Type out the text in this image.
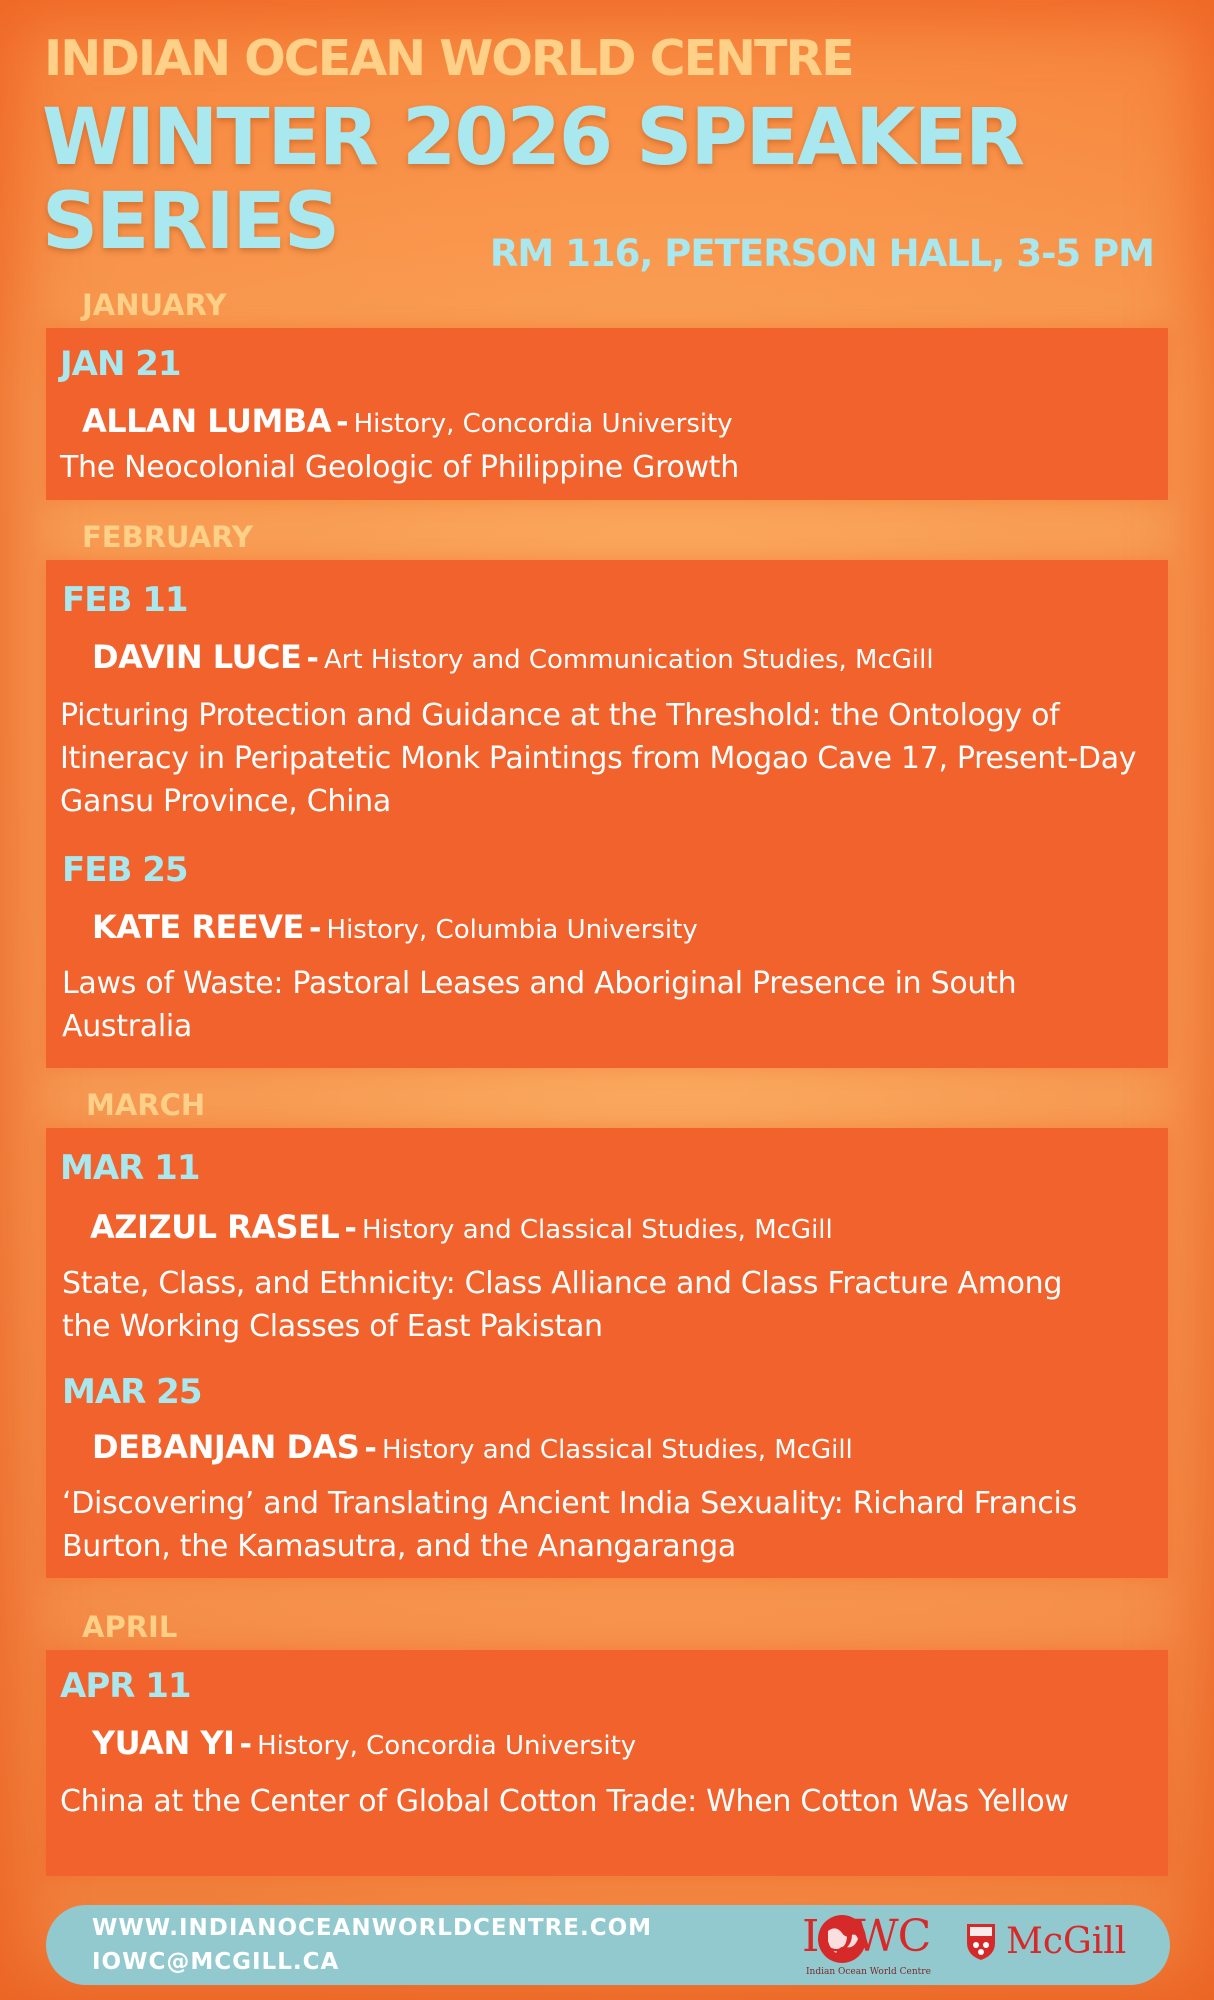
INDIAN OCEAN WORLD CENTRE
WINTER 2026 SPEAKER SERIES	RM 116, PETERSON HALL, 3-5 PM
JANUARY
JAN 21
ALLAN LUMBA - History, Concordia University
The Neocolonial Geologic of Philippine Growth
FEBRUARY
FEB 11
DAVIN LUCE - Art History and Communication Studies, McGill
Picturing Protection and Guidance at the Threshold: the Ontology of Itineracy in Peripatetic Monk Paintings from Mogao Cave 17, Present-Day Gansu Province, China
FEB 25
KATE REEVE - History, Columbia University
Laws of Waste: Pastoral Leases and Aboriginal Presence in South Australia
MARCH
MAR 11
AZIZUL RASEL - History and Classical Studies, McGill
State, Class, and Ethnicity: Class Alliance and Class Fracture Among the Working Classes of East Pakistan
MAR 25
DEBANJAN DAS - History and Classical Studies, McGill
‘Discovering’ and Translating Ancient India Sexuality: Richard Francis Burton, the Kamasutra, and the Anangaranga
APRIL
APR 11
YUAN YI - History, Concordia University
China at the Center of Global Cotton Trade: When Cotton Was Yellow
WWW.INDIANOCEANWORLDCENTRE.COM
IOWC@MCGILL.CA	IOWC
Indian Ocean World Centre
McGill
